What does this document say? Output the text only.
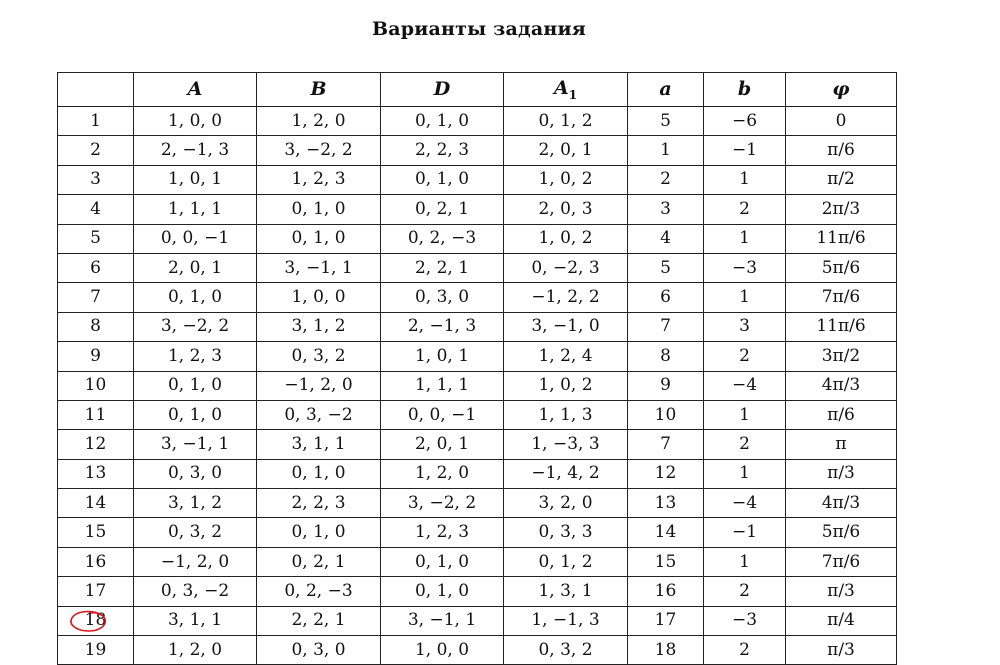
Варианты задания
	A	B	D	$A_1$	a	b	φ
1	1, 0, 0	1, 2, 0	0, 1, 0	0, 1, 2	5	−6	0
2	2, −1, 3	3, −2, 2	2, 2, 3	2, 0, 1	1	−1	π/6
3	1, 0, 1	1, 2, 3	0, 1, 0	1, 0, 2	2	1	π/2
4	1, 1, 1	0, 1, 0	0, 2, 1	2, 0, 3	3	2	2π/3
5	0, 0, −1	0, 1, 0	0, 2, −3	1, 0, 2	4	1	11π/6
6	2, 0, 1	3, −1, 1	2, 2, 1	0, −2, 3	5	−3	5π/6
7	0, 1, 0	1, 0, 0	0, 3, 0	−1, 2, 2	6	1	7π/6
8	3, −2, 2	3, 1, 2	2, −1, 3	3, −1, 0	7	3	11π/6
9	1, 2, 3	0, 3, 2	1, 0, 1	1, 2, 4	8	2	3π/2
10	0, 1, 0	−1, 2, 0	1, 1, 1	1, 0, 2	9	−4	4π/3
11	0, 1, 0	0, 3, −2	0, 0, −1	1, 1, 3	10	1	π/6
12	3, −1, 1	3, 1, 1	2, 0, 1	1, −3, 3	7	2	π
13	0, 3, 0	0, 1, 0	1, 2, 0	−1, 4, 2	12	1	π/3
14	3, 1, 2	2, 2, 3	3, −2, 2	3, 2, 0	13	−4	4π/3
15	0, 3, 2	0, 1, 0	1, 2, 3	0, 3, 3	14	−1	5π/6
16	−1, 2, 0	0, 2, 1	0, 1, 0	0, 1, 2	15	1	7π/6
17	0, 3, −2	0, 2, −3	0, 1, 0	1, 3, 1	16	2	π/3
18	3, 1, 1	2, 2, 1	3, −1, 1	1, −1, 3	17	−3	π/4
19	1, 2, 0	0, 3, 0	1, 0, 0	0, 3, 2	18	2	π/3
